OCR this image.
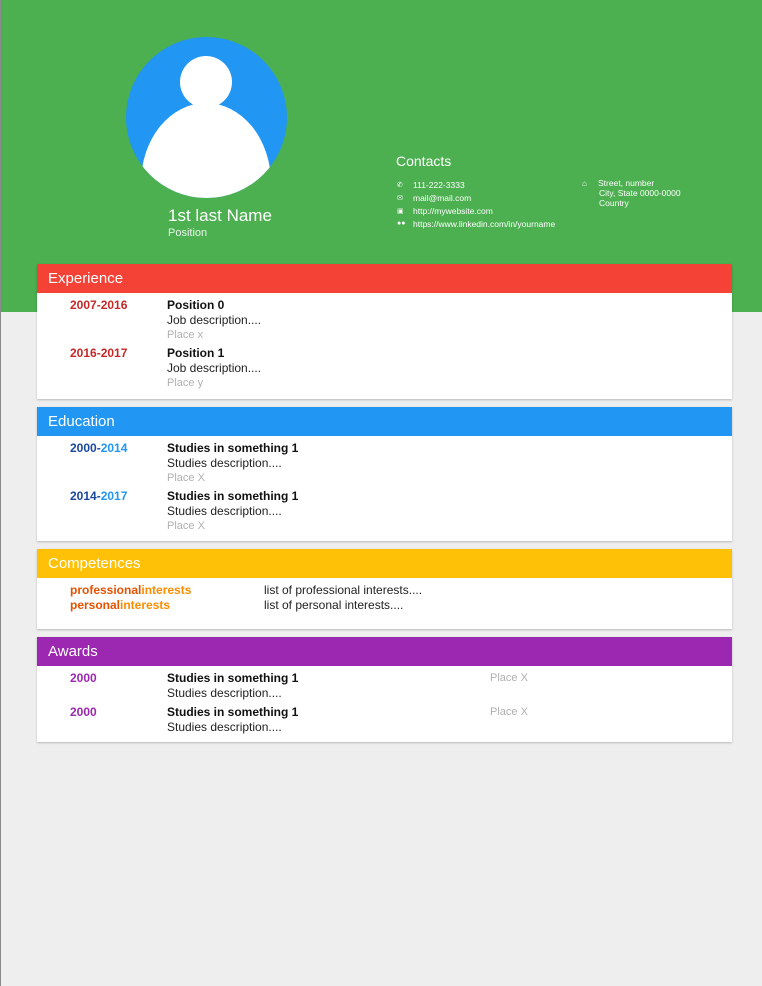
1st last Name
Position
Contacts
✆	111-222-3333
✉	mail@mail.com
▣	http://mywebsite.com
●● https://www.linkedin.com/in/yourname
⌂ Street, number
City, State 0000-0000
Country
Experience
2007-2016	Position 0
Job description....
Place x
2016-2017	Position 1
Job description....
Place y
Education
2000-2014	Studies in something 1
Studies description....
Place X
2014-2017	Studies in something 1
Studies description....
Place X
Competences
professionalinterests	list of professional interests....
personalinterests	list of personal interests....
Awards
2000	Studies in something 1
Studies description....
Place X
2000	Studies in something 1
Studies description....
Place X
